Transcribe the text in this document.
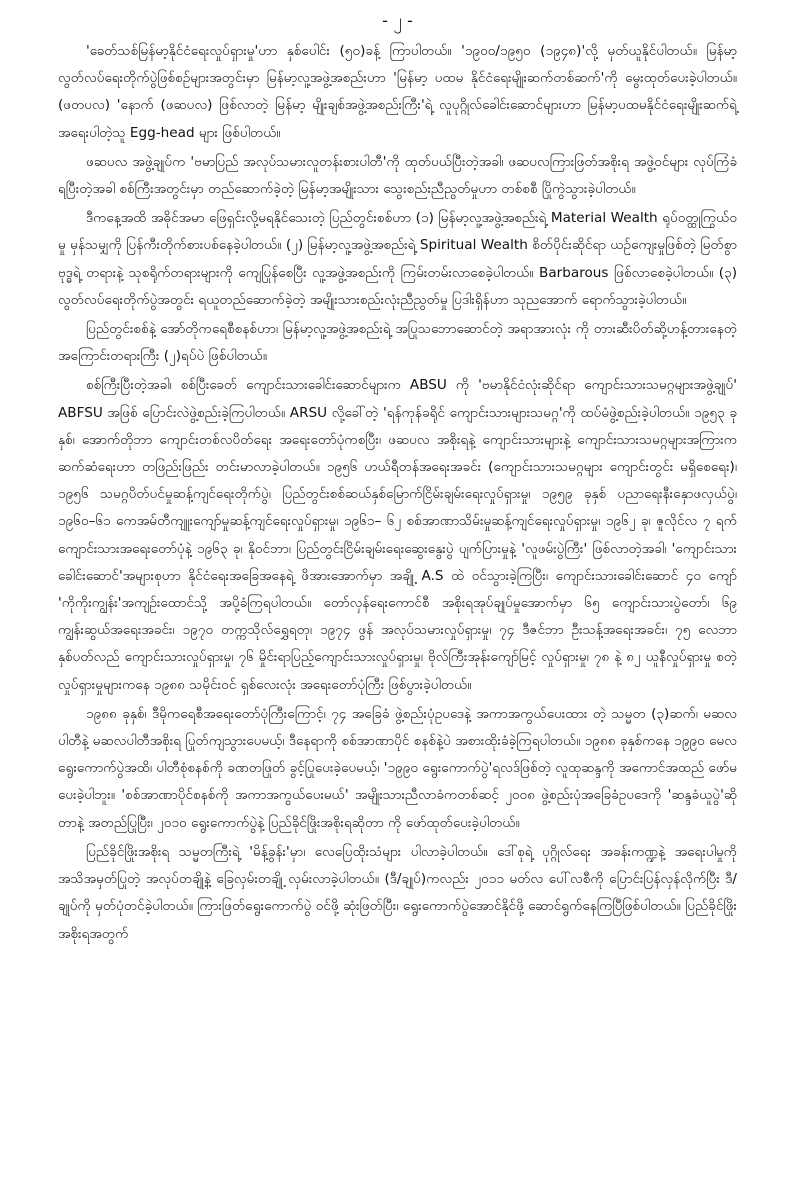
- ၂ -

'ခေတ်သစ်မြန်မာ့နိုင်ငံရေးလှုပ်ရှားမှု'ဟာ နှစ်ပေါင်း (၅၀)ခန့် ကြာပါတယ်။ '၁၉၀၀/၁၉၅၀ (၁၉၄၈)'လို့ မှတ်ယူနိုင်ပါတယ်။ မြန်မာ့လွတ်လပ်ရေးတိုက်ပွဲဖြစ်စဉ်များအတွင်းမှာ မြန်မာ့လူ့အဖွဲ့အစည်းဟာ 'မြန်မာ့ ပထမ နိုင်ငံရေးမျိုးဆက်တစ်ဆက်'ကို မွေးထုတ်ပေးခဲ့ပါတယ်။ (ဖတပလ) 'နောက် (ဖဆပလ) ဖြစ်လာတဲ့ မြန်မာ့ မျိုးချစ်အဖွဲ့အစည်းကြီး'ရဲ့ လူပုဂ္ဂိုလ်ခေါင်းဆောင်များဟာ မြန်မာ့ပထမနိုင်ငံရေးမျိုးဆက်ရဲ့ အရေးပါတဲ့သူ Egg-head များ ဖြစ်ပါတယ်။

ဖဆပလ အဖွဲ့ချုပ်က 'ဗမာပြည် အလုပ်သမားလူတန်းစားပါတီ'ကို ထုတ်ပယ်ပြီးတဲ့အခါ၊ ဖဆပလကြားဖြတ်အစိုးရ အဖွဲ့ဝင်များ လုပ်ကြံခံရပြီးတဲ့အခါ စစ်ကြီးအတွင်းမှာ တည်ဆောက်ခဲ့တဲ့ မြန်မာ့အမျိုးသား သွေးစည်းညီညွတ်မှုဟာ တစ်စစီ ပြိုကွဲသွားခဲ့ပါတယ်။

ဒီကနေ့အထိ အဓိုင်အမာ ဖြေရှင်းလို့မရနိုင်သေးတဲ့ ပြည်တွင်းစစ်ဟာ (၁) မြန်မာ့လူ့အဖွဲ့အစည်းရဲ့ Material Wealth ရုပ်ဝတ္ထုကြွယ်ဝမှု မှန်သမျှကို ပြန်ကီးတိုက်စားပစ်နေခဲ့ပါတယ်။ (၂) မြန်မာ့လူ့အဖွဲ့အစည်းရဲ့ Spiritual Wealth စိတ်ပိုင်းဆိုင်ရာ ယဉ်ကျေးမှုဖြစ်တဲ့ မြတ်စွာဗုဒ္ဓရဲ့ တရားနဲ့ သုစရိုက်တရားများကို ကျေပြုန်စေပြီး လူ့အဖွဲ့အစည်းကို ကြမ်းတမ်းလာစေခဲ့ပါတယ်။ Barbarous ဖြစ်လာစေခဲ့ပါတယ်။ (၃) လွတ်လပ်ရေးတိုက်ပွဲအတွင်း ရယူတည်ဆောက်ခဲ့တဲ့ အမျိုးသားစည်းလုံးညီညွတ်မှု ပြဒါးရှိန်ဟာ သုညအောက် ရောက်သွားခဲ့ပါတယ်။

ပြည်တွင်းစစ်နဲ့ အော်တိုကရေစီစနစ်ဟာ၊ မြန်မာ့လူ့အဖွဲ့အစည်းရဲ့ အပြုသဘောဆောင်တဲ့ အရာအားလုံး ကို တားဆီးပိတ်ဆို့ဟန့်တားနေတဲ့ အကြောင်းတရားကြီး (၂)ရပ်ပဲ ဖြစ်ပါတယ်။

စစ်ကြီးပြီးတဲ့အခါ၊ စစ်ပြီးခေတ် ကျောင်းသားခေါင်းဆောင်များက ABSU ကို 'ဗမာနိုင်ငံလုံးဆိုင်ရာ ကျောင်းသားသမဂ္ဂများအဖွဲ့ချုပ်' ABFSU အဖြစ် ပြောင်းလဲဖွဲ့စည်းခဲ့ကြပါတယ်။ ARSU လို့ခေါ်တဲ့ 'ရန်ကုန်ခရိုင် ကျောင်းသားများသမဂ္ဂ'ကို ထပ်မံဖွဲ့စည်းခဲ့ပါတယ်။ ၁၉၅၃ ခုနှစ်၊ အောက်တိုဘာ ကျောင်းတစ်လပိတ်ရေး အရေးတော်ပုံကစပြီး၊ ဖဆပလ အစိုးရနဲ့ ကျောင်းသားများနဲ့ ကျောင်းသားသမဂ္ဂများအကြားက ဆက်ဆံရေးဟာ တဖြည်းဖြည်း တင်းမာလာခဲ့ပါတယ်။ ၁၉၅၆ ဟယ်ရီတန်အရေးအခင်း (ကျောင်းသားသမဂ္ဂများ ကျောင်းတွင်း မရှိစေရေး)၊ ၁၉၅၆ သမဂ္ဂပိတ်ပင်မှုဆန့်ကျင်ရေးတိုက်ပွဲ၊ ပြည်တွင်းစစ်ဆယ်နှစ်မြောက်ငြိမ်းချမ်းရေးလှုပ်ရှားမှု၊ ၁၉၅၉ ခုနှစ် ပညာရေးနီးနှောဖလှယ်ပွဲ၊ ၁၉၆၀–၆၁ ကေအမ်တီကျူးကျော်မှုဆန့်ကျင်ရေးလှုပ်ရှားမှု၊ ၁၉၆၁– ၆၂ စစ်အာဏာသိမ်းမှုဆန့်ကျင်ရေးလှုပ်ရှားမှု၊ ၁၉၆၂ ခု၊ ဇူလိုင်လ ၇ ရက် ကျောင်းသားအရေးတော်ပုံနဲ့ ၁၉၆၃ ခု၊ နိုဝင်ဘာ၊ ပြည်တွင်းငြိမ်းချမ်းရေးဆွေးနွေးပွဲ ပျက်ပြားမှုနဲ့ 'လူဖမ်းပွဲကြီး' ဖြစ်လာတဲ့အခါ၊ 'ကျောင်းသား ခေါင်းဆောင်'အများစုဟာ နိုင်ငံရေးအခြေအနေရဲ့ ဖိအားအောက်မှာ အချို့ A.S ထဲ ဝင်သွားခဲ့ကြပြီး၊ ကျောင်းသားခေါင်းဆောင် ၄၀ ကျော် 'ကိုကိုးကျွန်း'အကျဉ်းထောင်သို့ အပို့ခံကြရပါတယ်။ တော်လှန်ရေးကောင်စီ အစိုးရအုပ်ချုပ်မှုအောက်မှာ ၆၅ ကျောင်းသားပွဲတော်၊ ၆၉ ကျွန်းဆွယ်အရေးအခင်း၊ ၁၉၇၀ တက္ကသိုလ်ရွှေရတု၊ ၁၉၇၄ ဖွန် အလုပ်သမားလှုပ်ရှားမှု၊ ၇၄ ဒီဇင်ဘာ ဦးသန့်အရေးအခင်း၊ ၇၅ လေဘာနှစ်ပတ်လည် ကျောင်းသားလှုပ်ရှားမှု၊ ၇၆ မှိုင်းရာပြည့်ကျောင်းသားလှုပ်ရှားမှု၊ ဗိုလ်ကြီးအုန်းကျော်မြင့် လှုပ်ရှားမှု၊ ၇၈ နဲ့ ၈၂ ယူနီလှုပ်ရှားမှု စတဲ့ လှုပ်ရှားမှုများကနေ ၁၉၈၈ သမိုင်းဝင် ရှစ်လေးလုံး အရေးတော်ပုံကြီး ဖြစ်ပွားခဲ့ပါတယ်။

၁၉၈၈ ခုနှစ်၊ ဒီမိုကရေစီအရေးတော်ပုံကြီးကြောင့်၊ ၇၄ အခြေခံ ဖွဲ့စည်းပုံဥပဒေနဲ့ အကာအကွယ်ပေးထား တဲ့ သမ္မတ (၃)ဆက်၊ မဆလပါတီနဲ့ မဆလပါတီအစိုးရ ပြုတ်ကျသွားပေမယ့်၊ ဒီနေရာကို စစ်အာဏာပိုင် စနစ်နဲ့ပဲ အစားထိုးခံခဲ့ကြရပါတယ်။ ၁၉၈၈ ခုနှစ်ကနေ ၁၉၉၀ မေလရွေးကောက်ပွဲအထိ၊ ပါတီစုံစနစ်ကို ခဏတဖြုတ် ခွင့်ပြုပေးခဲ့ပေမယ့်၊ '၁၉၉၀ ရွေးကောက်ပွဲ'ရလဒ်ဖြစ်တဲ့ လူထုဆန္ဒကို အကောင်အထည် ဖော်မပေးခဲ့ပါဘူး။ 'စစ်အာဏာပိုင်စနစ်ကို အကာအကွယ်ပေးမယ်' အမျိုးသားညီလာခံကတစ်ဆင့် ၂၀၀၈ ဖွဲ့စည်းပုံအခြေခံဥပဒေကို 'ဆန္ဒခံယူပွဲ'ဆိုတာနဲ့ အတည်ပြုပြီး၊ ၂၀၁၀ ရွေးကောက်ပွဲနဲ့ ပြည်ခိုင်ဖြိုးအစိုးရဆိုတာ ကို ဖော်ထုတ်ပေးခဲ့ပါတယ်။

ပြည်ခိုင်ဖြိုးအစိုးရ သမ္မတကြီးရဲ့ 'မိန့်ခွန်း'မှာ၊ လေပြေထိုးသံများ ပါလာခဲ့ပါတယ်။ ဒေါ်စုရဲ့ ပုဂ္ဂိုလ်ရေး အခန်းကဏ္ဍနဲ့ အရေးပါမှုကို အသိအမှတ်ပြုတဲ့ အလုပ်တချို့နဲ့ ခြေလှမ်းတချို့ လှမ်းလာခဲ့ပါတယ်။ (ဒီ/ချုပ်)ကလည်း ၂၀၁၁ မတ်လ ပေါ်လစီကို ပြောင်းပြန်လှန်လိုက်ပြီး ဒီ/ချုပ်ကို မှတ်ပုံတင်ခဲ့ပါတယ်။ ကြားဖြတ်ရွေးကောက်ပွဲ ဝင်ဖို့ ဆုံးဖြတ်ပြီး၊ ရွေးကောက်ပွဲအောင်နိုင်ဖို့ ဆောင်ရွက်နေကြပြီဖြစ်ပါတယ်။ ပြည်ခိုင်ဖြိုးအစိုးရအတွက်
